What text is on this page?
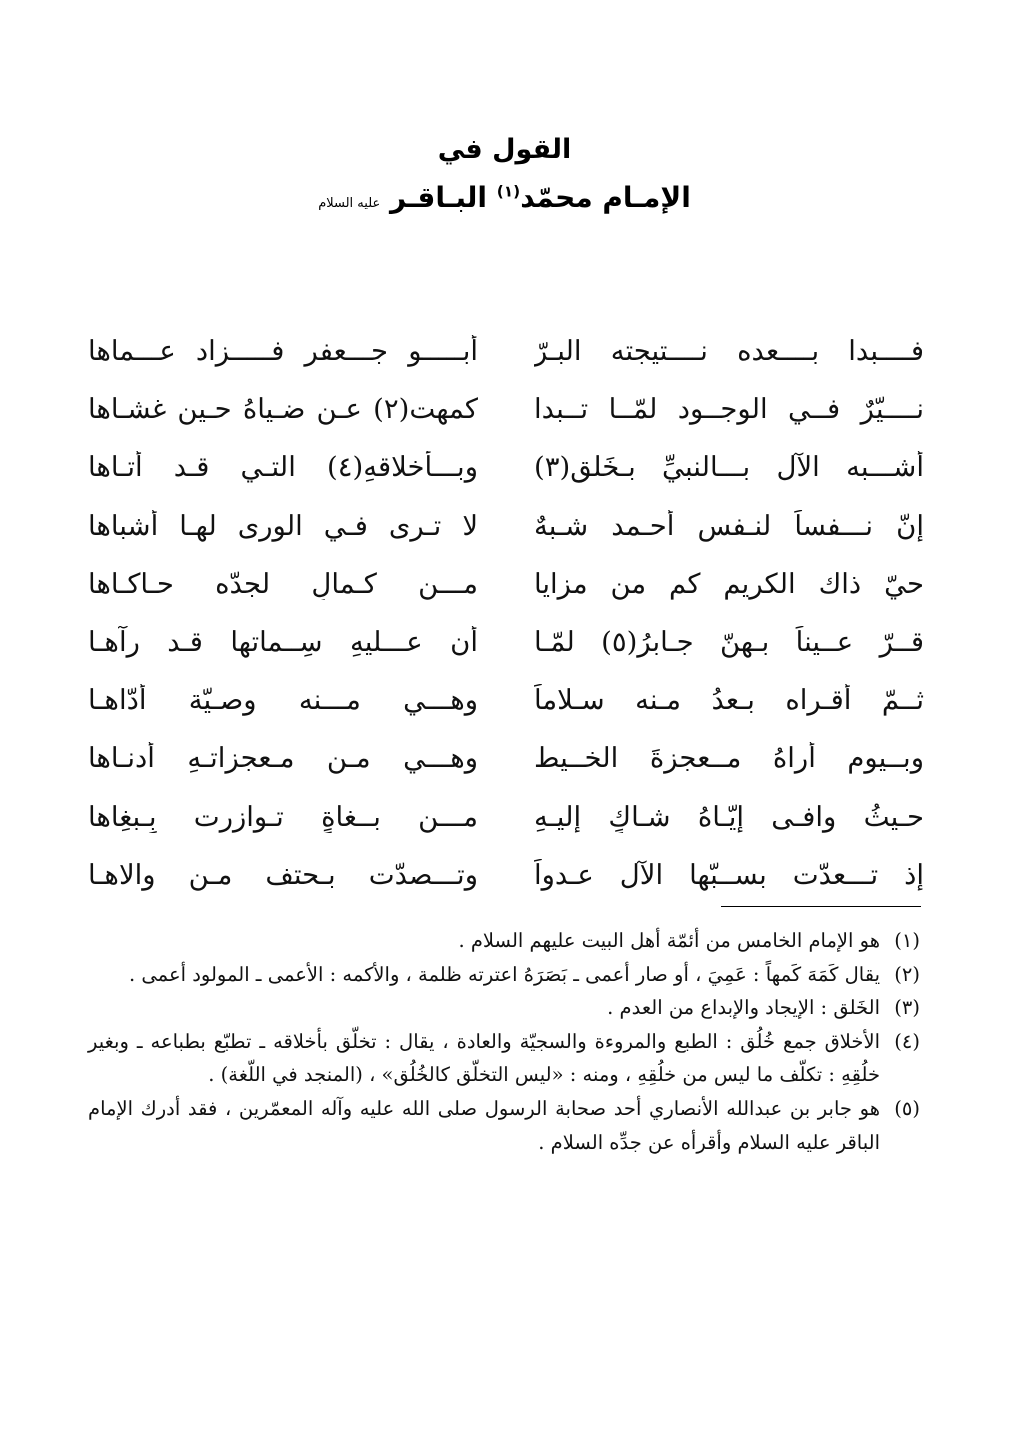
القول في
الإمـام محمّد$^{(١)}$ البـاقـر عليه السلام
فــــبدا بــــعده نــــتيجته البـرّ
أبـــــو جـــعفر فـــــزاد عـــماها
نــــيّرٌ فــي الوجــود لمّــا تــبدا
كمهت(٢) عـن ضـياهُ حـين غشـاها
أشـــبه الآل بـــالنبيِّ بـخَلقٍ(٣)
وبـــأخلاقهِ(٤) التـي قـد أتـاها
إنّ نـــفساً لنـفس أحـمد شـبهٌ
لا تـرى فـي الورى لهـا أشباها
حيّ ذاك الكريم كم من مزايا
مـــن كـمالٍ لجدّه حـاكـاها
قــرّ عــيناً بـهنّ جـابرُ(٥) لمّـا
أن عـــليهِ سِــماتها قـد رآهـا
ثــمّ أقـراه بـعدُ مـنه سـلاماً
وهـــي مـــنه وصـيّة أدّاهـا
وبــيومٍ أراهُ مــعجزةَ الخــيط
وهـــي مـن مـعجزاتـهِ أدنـاها
حـيثُ وافـى إيّـاهُ شـاكٍ إليـهِ
مـــن بــغاةٍ تـوازرت بِـبغِاها
إذ تـــعدّت بســبّها الآل عـدواً
وتـــصدّت بـحتف مـن والاهـا
(١)
هو الإمام الخامس من أئمّة أهل البيت عليهم السلام .
(٢)
يقال كَمَهَ كَمهاً : عَمِيَ ، أو صار أعمى ـ بَصَرَهُ اعترته ظلمة ، والأكمه : الأعمى ـ المولود أعمى .
(٣)
الخَلق : الإيجاد والإبداع من العدم .
(٤)
الأخلاق جمع خُلُق : الطبع والمروءة والسجيّة والعادة ، يقال : تخلّق بأخلاقه ـ تطبّع بطباعه ـ وبغير خلُقِهِ : تكلّف ما ليس من خلُقِهِ ، ومنه : «ليس التخلّق كالخُلُق» ، (المنجد في اللّغة) .
(٥)
هو جابر بن عبدالله الأنصاري أحد صحابة الرسول صلى الله عليه وآله المعمّرين ، فقد أدرك الإمام الباقر عليه السلام وأقرأه عن جدِّه السلام .
